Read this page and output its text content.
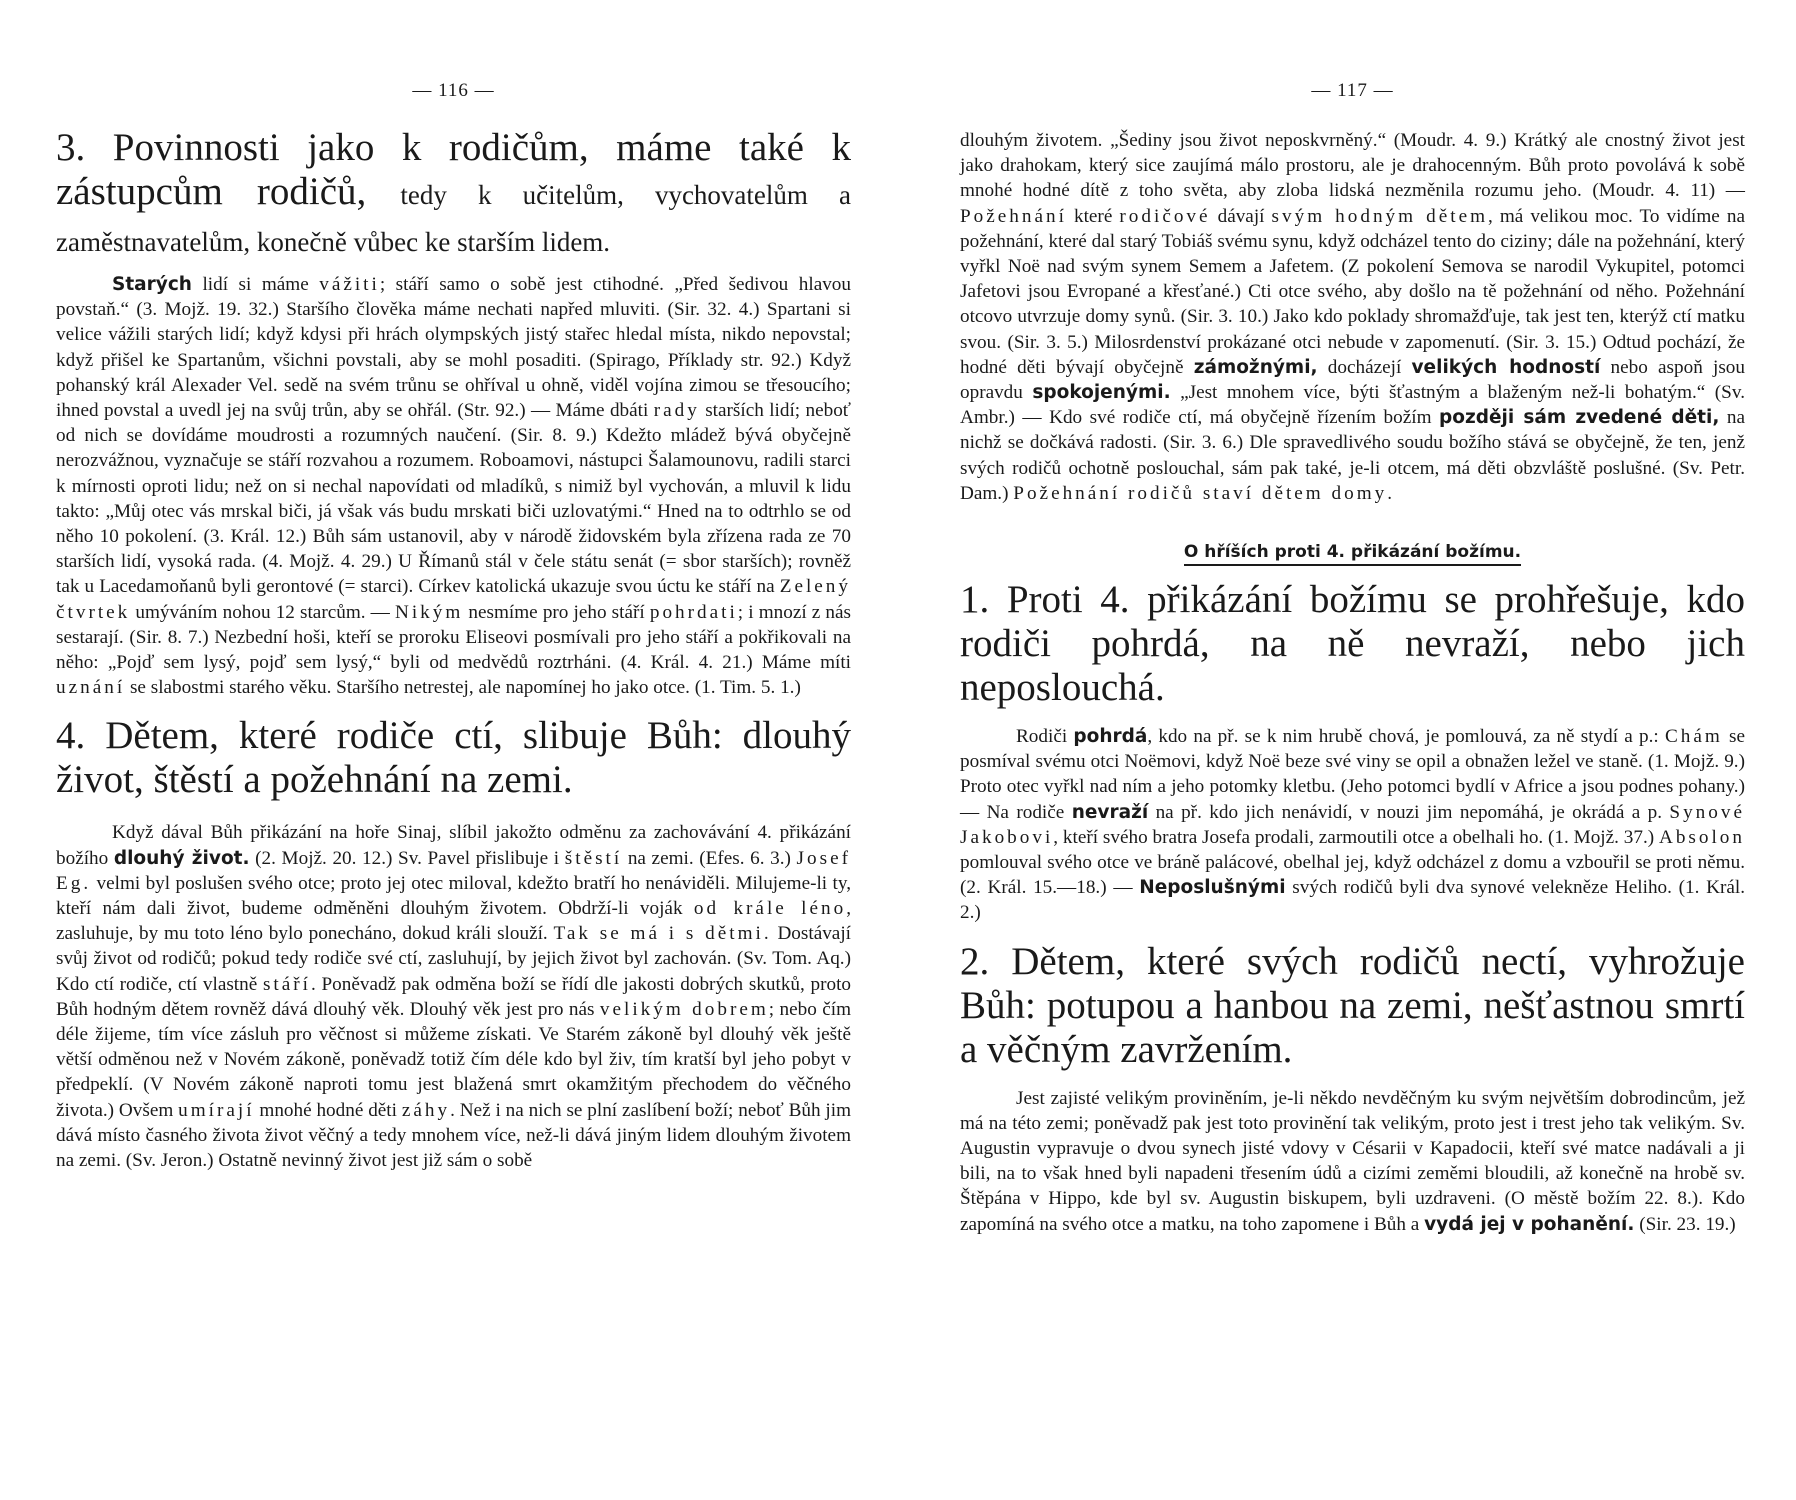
— 116 —
3. Povinnosti jako k rodičům, máme také k zástupcům rodičů, tedy k učitelům, vychovatelům a zaměstnavatelům, konečně vůbec ke starším lidem.

Starých lidí si máme vážiti; stáří samo o sobě jest ctihodné. „Před šedivou hlavou povstaň.“ (3. Mojž. 19. 32.) Staršího člověka máme nechati napřed mluviti. (Sir. 32. 4.) Spartani si velice vážili starých lidí; když kdysi při hrách olympských jistý stařec hledal místa, nikdo nepovstal; když přišel ke Spartanům, všichni povstali, aby se mohl posaditi. (Spirago, Příklady str. 92.) Když pohanský král Alexader Vel. sedě na svém trůnu se ohříval u ohně, viděl vojína zimou se třesoucího; ihned povstal a uvedl jej na svůj trůn, aby se ohřál. (Str. 92.) — Máme dbáti rady starších lidí; neboť od nich se dovídáme moudrosti a rozumných naučení. (Sir. 8. 9.) Kdežto mládež bývá obyčejně nerozvážnou, vyznačuje se stáří rozvahou a rozumem. Roboamovi, nástupci Šalamounovu, radili starci k mírnosti oproti lidu; než on si nechal napovídati od mladíků, s nimiž byl vychován, a mluvil k lidu takto: „Můj otec vás mrskal biči, já však vás budu mrskati biči uzlovatými.“ Hned na to odtrhlo se od něho 10 pokolení. (3. Král. 12.) Bůh sám ustanovil, aby v národě židovském byla zřízena rada ze 70 starších lidí, vysoká rada. (4. Mojž. 4. 29.) U Římanů stál v čele státu senát (= sbor starších); rovněž tak u Lacedamoňanů byli gerontové (= starci). Církev katolická ukazuje svou úctu ke stáří na Zelený čtvrtek umýváním nohou 12 starcům. — Nikým nesmíme pro jeho stáří pohrdati; i mnozí z nás sestarají. (Sir. 8. 7.) Nezbední hoši, kteří se proroku Eliseovi posmívali pro jeho stáří a pokřikovali na něho: „Pojď sem lysý, pojď sem lysý,“ byli od medvědů roztrháni. (4. Král. 4. 21.) Máme míti uznání se slabostmi starého věku. Staršího netrestej, ale napomínej ho jako otce. (1. Tim. 5. 1.)

4. Dětem, které rodiče ctí, slibuje Bůh: dlouhý život, štěstí a požehnání na zemi.

Když dával Bůh přikázání na hoře Sinaj, slíbil jakožto odměnu za zachovávání 4. přikázání božího dlouhý život. (2. Mojž. 20. 12.) Sv. Pavel přislibuje i štěstí na zemi. (Efes. 6. 3.) Josef Eg. velmi byl poslušen svého otce; proto jej otec miloval, kdežto bratří ho nenáviděli. Milujeme-li ty, kteří nám dali život, budeme odměněni dlouhým životem. Obdrží-li voják od krále léno, zasluhuje, by mu toto léno bylo ponecháno, dokud králi slouží. Tak se má i s dětmi. Dostávají svůj život od rodičů; pokud tedy rodiče své ctí, zasluhují, by jejich život byl zachován. (Sv. Tom. Aq.) Kdo ctí rodiče, ctí vlastně stáří. Poněvadž pak odměna boží se řídí dle jakosti dobrých skutků, proto Bůh hodným dětem rovněž dává dlouhý věk. Dlouhý věk jest pro nás velikým dobrem; nebo čím déle žijeme, tím více zásluh pro věčnost si můžeme získati. Ve Starém zákoně byl dlouhý věk ještě větší odměnou než v Novém zákoně, poněvadž totiž čím déle kdo byl živ, tím kratší byl jeho pobyt v předpeklí. (V Novém zákoně naproti tomu jest blažená smrt okamžitým přechodem do věčného života.) Ovšem umírají mnohé hodné děti záhy. Než i na nich se plní zaslíbení boží; neboť Bůh jim dává místo časného života život věčný a tedy mnohem více, než-li dává jiným lidem dlouhým životem na zemi. (Sv. Jeron.) Ostatně nevinný život jest již sám o sobě

— 117 —

dlouhým životem. „Šediny jsou život neposkvrněný.“ (Moudr. 4. 9.) Krátký ale cnostný život jest jako drahokam, který sice zaujímá málo prostoru, ale je drahocenným. Bůh proto povolává k sobě mnohé hodné dítě z toho světa, aby zloba lidská nezměnila rozumu jeho. (Moudr. 4. 11) — Požehnání které rodičové dávají svým hodným dětem, má velikou moc. To vidíme na požehnání, které dal starý Tobiáš svému synu, když odcházel tento do ciziny; dále na požehnání, který vyřkl Noë nad svým synem Semem a Jafetem. (Z pokolení Semova se narodil Vykupitel, potomci Jafetovi jsou Evropané a křesťané.) Cti otce svého, aby došlo na tě požehnání od něho. Požehnání otcovo utvrzuje domy synů. (Sir. 3. 10.) Jako kdo poklady shromažďuje, tak jest ten, kterýž ctí matku svou. (Sir. 3. 5.) Milosrdenství prokázané otci nebude v zapomenutí. (Sir. 3. 15.) Odtud pochází, že hodné děti bývají obyčejně zámožnými, docházejí velikých hodností nebo aspoň jsou opravdu spokojenými. „Jest mnohem více, býti šťastným a blaženým než-li bohatým.“ (Sv. Ambr.) — Kdo své rodiče ctí, má obyčejně řízením božím později sám zvedené děti, na nichž se dočkává radosti. (Sir. 3. 6.) Dle spravedlivého soudu božího stává se obyčejně, že ten, jenž svých rodičů ochotně poslouchal, sám pak také, je-li otcem, má děti obzvláště poslušné. (Sv. Petr. Dam.) Požehnání rodičů staví dětem domy.

O hříších proti 4. přikázání božímu.
1. Proti 4. přikázání božímu se prohřešuje, kdo rodiči pohrdá, na ně nevraží, nebo jich neposlouchá.

Rodiči pohrdá, kdo na př. se k nim hrubě chová, je pomlouvá, za ně stydí a p.: Chám se posmíval svému otci Noëmovi, když Noë beze své viny se opil a obnažen ležel ve staně. (1. Mojž. 9.) Proto otec vyřkl nad ním a jeho potomky kletbu. (Jeho potomci bydlí v Africe a jsou podnes pohany.) — Na rodiče nevraží na př. kdo jich nenávidí, v nouzi jim nepomáhá, je okrádá a p. Synové Jakobovi, kteří svého bratra Josefa prodali, zarmoutili otce a obelhali ho. (1. Mojž. 37.) Absolon pomlouval svého otce ve bráně palácové, obelhal jej, když odcházel z domu a vzbouřil se proti němu. (2. Král. 15.—18.) — Neposlušnými svých rodičů byli dva synové velekněze Heliho. (1. Král. 2.)

2. Dětem, které svých rodičů nectí, vyhrožuje Bůh: potupou a hanbou na zemi, nešťastnou smrtí a věčným zavržením.

Jest zajisté velikým proviněním, je-li někdo nevděčným ku svým největším dobrodincům, jež má na této zemi; poněvadž pak jest toto provinění tak velikým, proto jest i trest jeho tak velikým. Sv. Augustin vypravuje o dvou synech jisté vdovy v Césarii v Kapadocii, kteří své matce nadávali a ji bili, na to však hned byli napadeni třesením údů a cizími zeměmi bloudili, až konečně na hrobě sv. Štěpána v Hippo, kde byl sv. Augustin biskupem, byli uzdraveni. (O městě božím 22. 8.). Kdo zapomíná na svého otce a matku, na toho zapomene i Bůh a vydá jej v pohanění. (Sir. 23. 19.)
